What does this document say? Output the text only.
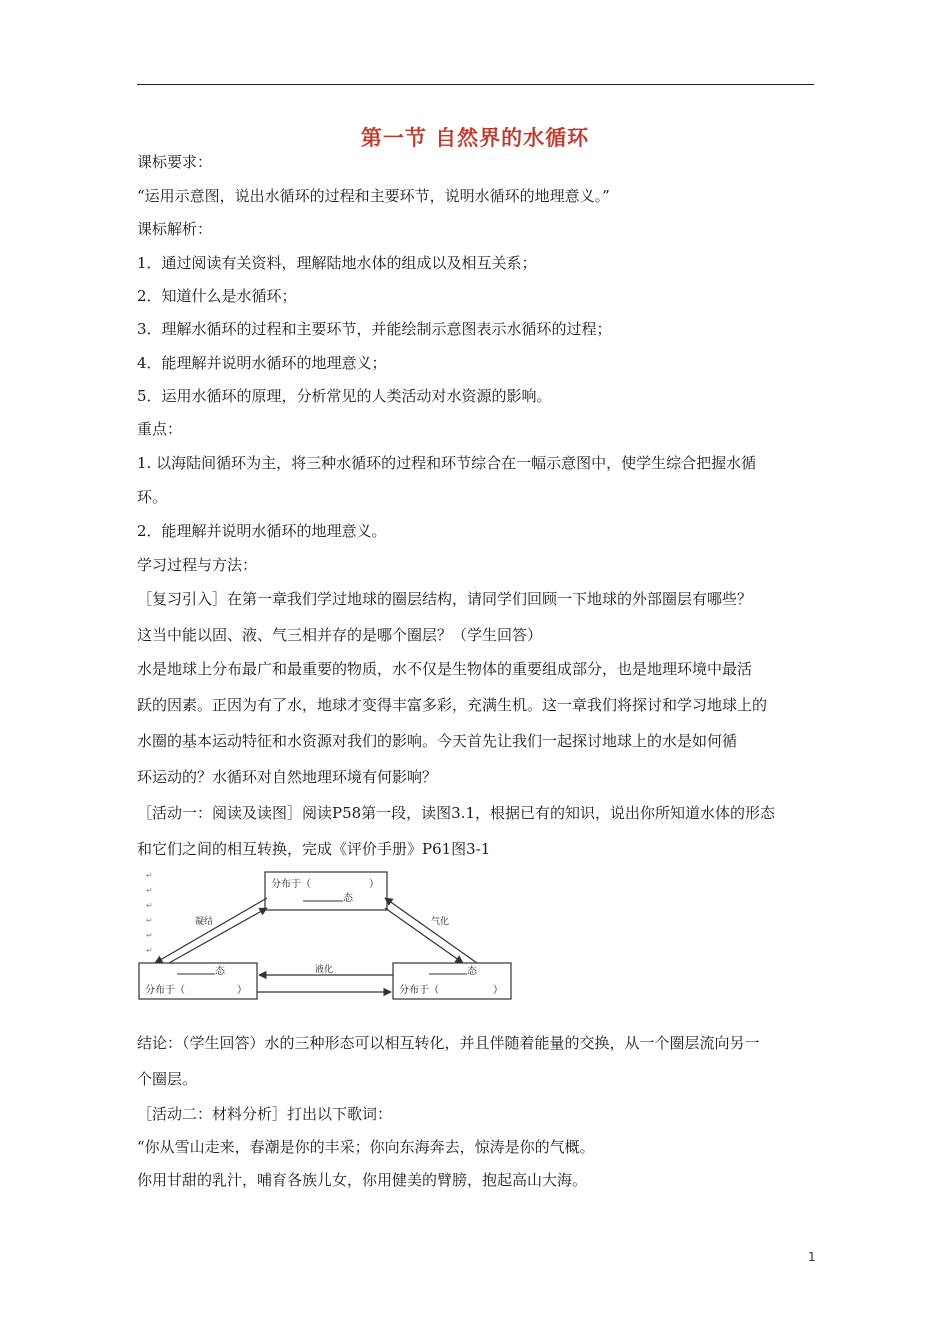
第一节 自然界的水循环
课标要求：
“运用示意图，说出水循环的过程和主要环节，说明水循环的地理意义。”
课标解析：
1．通过阅读有关资料，理解陆地水体的组成以及相互关系；
2．知道什么是水循环；
3．理解水循环的过程和主要环节，并能绘制示意图表示水循环的过程；
4．能理解并说明水循环的地理意义；
5．运用水循环的原理，分析常见的人类活动对水资源的影响。
重点：
1. 以海陆间循环为主，将三种水循环的过程和环节综合在一幅示意图中，使学生综合把握水循
环。
2．能理解并说明水循环的地理意义。
学习过程与方法：
［复习引入］在第一章我们学过地球的圈层结构，请同学们回顾一下地球的外部圈层有哪些？
这当中能以固、液、气三相并存的是哪个圈层？（学生回答）
水是地球上分布最广和最重要的物质，水不仅是生物体的重要组成部分，也是地理环境中最活
跃的因素。正因为有了水，地球才变得丰富多彩，充满生机。这一章我们将探讨和学习地球上的
水圈的基本运动特征和水资源对我们的影响。今天首先让我们一起探讨地球上的水是如何循
环运动的？水循环对自然地理环境有何影响？
［活动一：阅读及读图］阅读P58第一段，读图3.1，根据已有的知识，说出你所知道水体的形态
和它们之间的相互转换，完成《评价手册》P61图3-1
↵
↵
↵
↵
↵
↵
分布于（	）
态
态
分布于（	）
态
分布于（	）
凝结	气化
液化
结论：（学生回答）水的三种形态可以相互转化，并且伴随着能量的交换，从一个圈层流向另一
个圈层。
［活动二：材料分析］打出以下歌词：
“你从雪山走来，春潮是你的丰采；你向东海奔去，惊涛是你的气概。
你用甘甜的乳汁，哺育各族儿女，你用健美的臂膀，抱起高山大海。
1
